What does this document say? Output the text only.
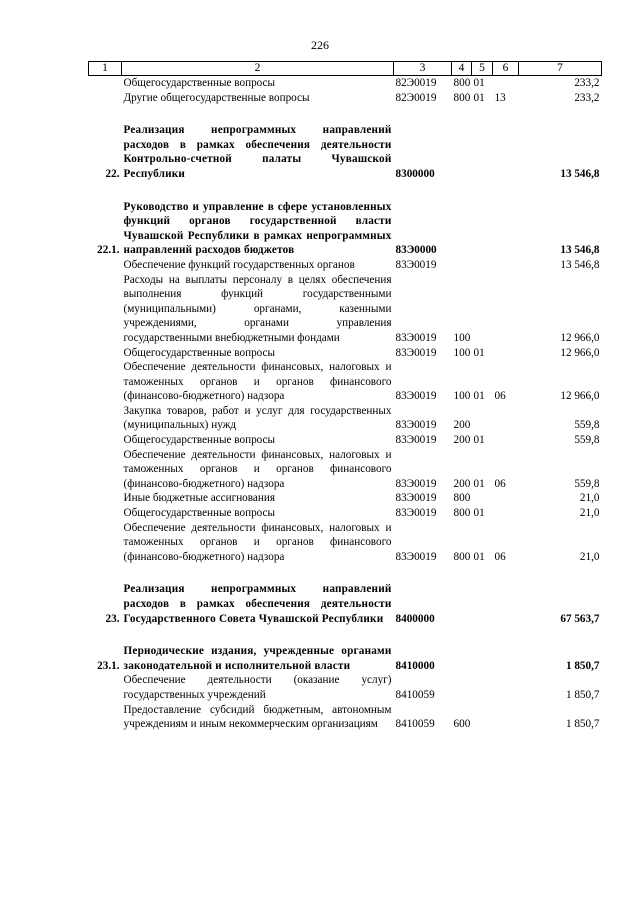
226
1	2	3	4	5	6	7
	Общегосударственные вопросы	82Э0019	800	01		233,2
	Другие общегосударственные вопросы	82Э0019	800	01	13	233,2

22.	Реализация непрограммных направлений расходов в рамках обеспечения деятельности Контрольно-счетной палаты Чувашской Республики	8300000				13 546,8

22.1.	Руководство и управление в сфере установленных функций органов государственной власти Чувашской Республики в рамках непрограммных направлений расходов бюджетов	83Э0000				13 546,8
	Обеспечение функций государственных органов	83Э0019				13 546,8
	Расходы на выплаты персоналу в целях обеспечения выполнения функций государственными (муниципальными) органами, казенными учреждениями, органами управления государственными внебюджетными фондами	83Э0019	100			12 966,0
	Общегосударственные вопросы	83Э0019	100	01		12 966,0
	Обеспечение деятельности финансовых, налоговых и таможенных органов и органов финансового (финансово-бюджетного) надзора	83Э0019	100	01	06	12 966,0
	Закупка товаров, работ и услуг для государственных (муниципальных) нужд	83Э0019	200			559,8
	Общегосударственные вопросы	83Э0019	200	01		559,8
	Обеспечение деятельности финансовых, налоговых и таможенных органов и органов финансового (финансово-бюджетного) надзора	83Э0019	200	01	06	559,8
	Иные бюджетные ассигнования	83Э0019	800			21,0
	Общегосударственные вопросы	83Э0019	800	01		21,0
	Обеспечение деятельности финансовых, налоговых и таможенных органов и органов финансового (финансово-бюджетного) надзора	83Э0019	800	01	06	21,0

23.	Реализация непрограммных направлений расходов в рамках обеспечения деятельности Государственного Совета Чувашской Республики	8400000				67 563,7

23.1.	Периодические издания, учрежденные органами законодательной и исполнительной власти	8410000				1 850,7
	Обеспечение деятельности (оказание услуг) государственных учреждений	8410059				1 850,7
	Предоставление субсидий бюджетным, автономным учреждениям и иным некоммерческим организациям	8410059	600			1 850,7
